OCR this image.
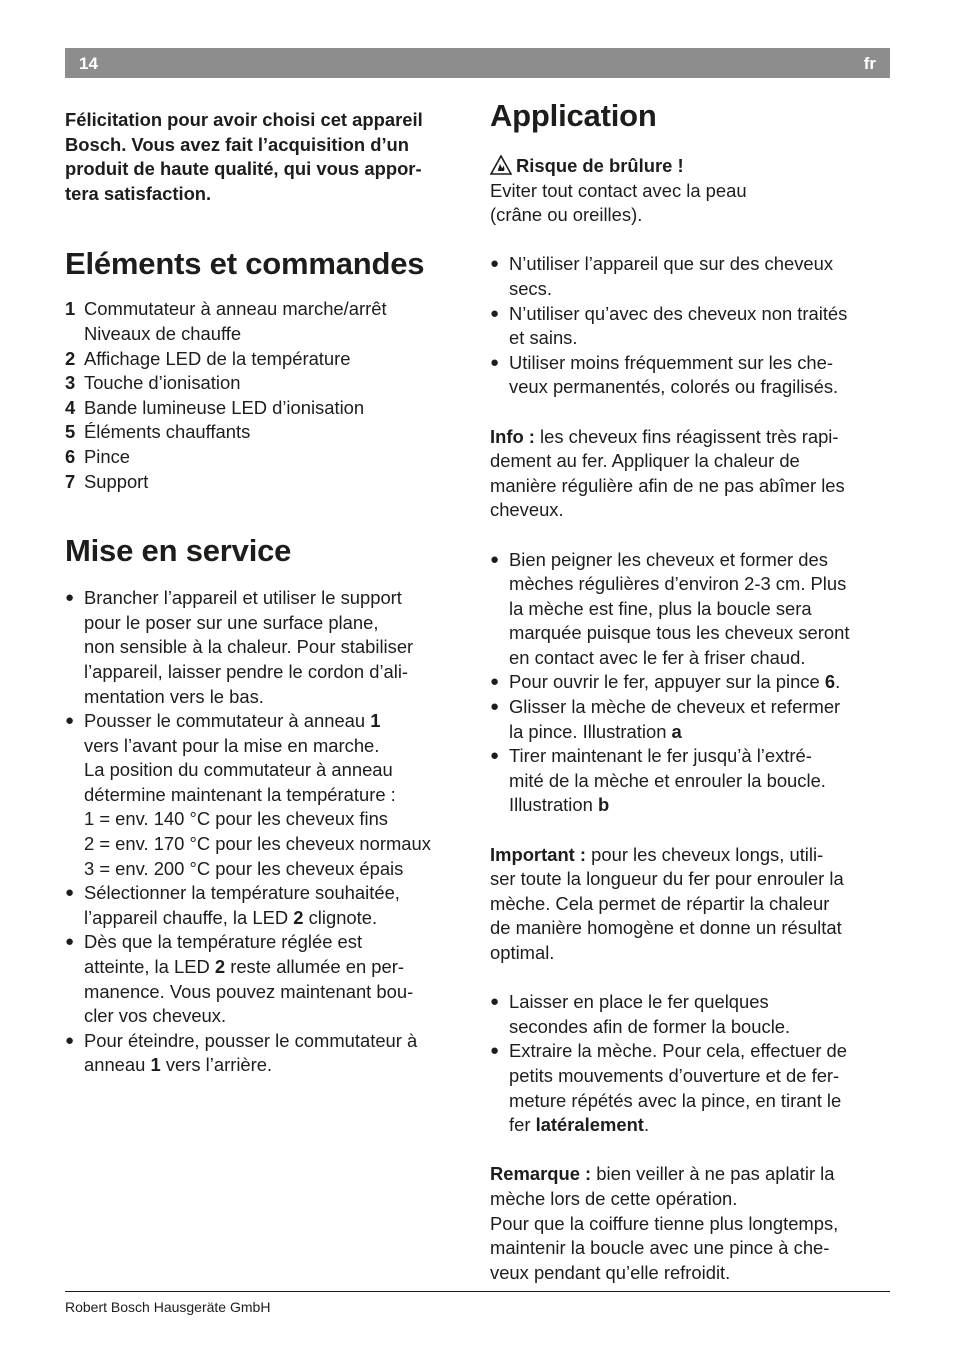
14	fr

Félicitation pour avoir choisi cet appareil
Bosch. Vous avez fait l’acquisition d’un
produit de haute qualité, qui vous appor-
tera satisfaction.

Eléments et commandes
1 Commutateur à anneau marche/arrêt
Niveaux de chauffe
2 Affichage LED de la température
3 Touche d’ionisation
4 Bande lumineuse LED d’ionisation
5 Éléments chauffants
6 Pince
7 Support
Mise en service
● Brancher l’appareil et utiliser le support
pour le poser sur une surface plane,
non sensible à la chaleur. Pour stabiliser
l’appareil, laisser pendre le cordon d’ali-
mentation vers le bas.
● Pousser le commutateur à anneau 1
vers l’avant pour la mise en marche.
La position du commutateur à anneau
détermine maintenant la température :
1 = env. 140 °C pour les cheveux fins
2 = env. 170 °C pour les cheveux normaux
3 = env. 200 °C pour les cheveux épais
● Sélectionner la température souhaitée,
l’appareil chauffe, la LED 2 clignote.
● Dès que la température réglée est
atteinte, la LED 2 reste allumée en per-
manence. Vous pouvez maintenant bou-
cler vos cheveux.
● Pour éteindre, pousser le commutateur à
anneau 1 vers l’arrière.
Application

Risque de brûlure !
Eviter tout contact avec la peau
(crâne ou oreilles).

● N’utiliser l’appareil que sur des cheveux
secs.
● N’utiliser qu’avec des cheveux non traités
et sains.
● Utiliser moins fréquemment sur les che-
veux permanentés, colorés ou fragilisés.

Info : les cheveux fins réagissent très rapi-
dement au fer. Appliquer la chaleur de
manière régulière afin de ne pas abîmer les
cheveux.

● Bien peigner les cheveux et former des
mèches régulières d’environ 2-3 cm. Plus
la mèche est fine, plus la boucle sera
marquée puisque tous les cheveux seront
en contact avec le fer à friser chaud.
● Pour ouvrir le fer, appuyer sur la pince 6.
● Glisser la mèche de cheveux et refermer
la pince. Illustration a
● Tirer maintenant le fer jusqu’à l’extré-
mité de la mèche et enrouler la boucle.
Illustration b

Important : pour les cheveux longs, utili-
ser toute la longueur du fer pour enrouler la
mèche. Cela permet de répartir la chaleur
de manière homogène et donne un résultat
optimal.

● Laisser en place le fer quelques
secondes afin de former la boucle.
● Extraire la mèche. Pour cela, effectuer de
petits mouvements d’ouverture et de fer-
meture répétés avec la pince, en tirant le
fer latéralement.

Remarque : bien veiller à ne pas aplatir la
mèche lors de cette opération.
Pour que la coiffure tienne plus longtemps,
maintenir la boucle avec une pince à che-
veux pendant qu’elle refroidit.

Robert Bosch Hausgeräte GmbH
